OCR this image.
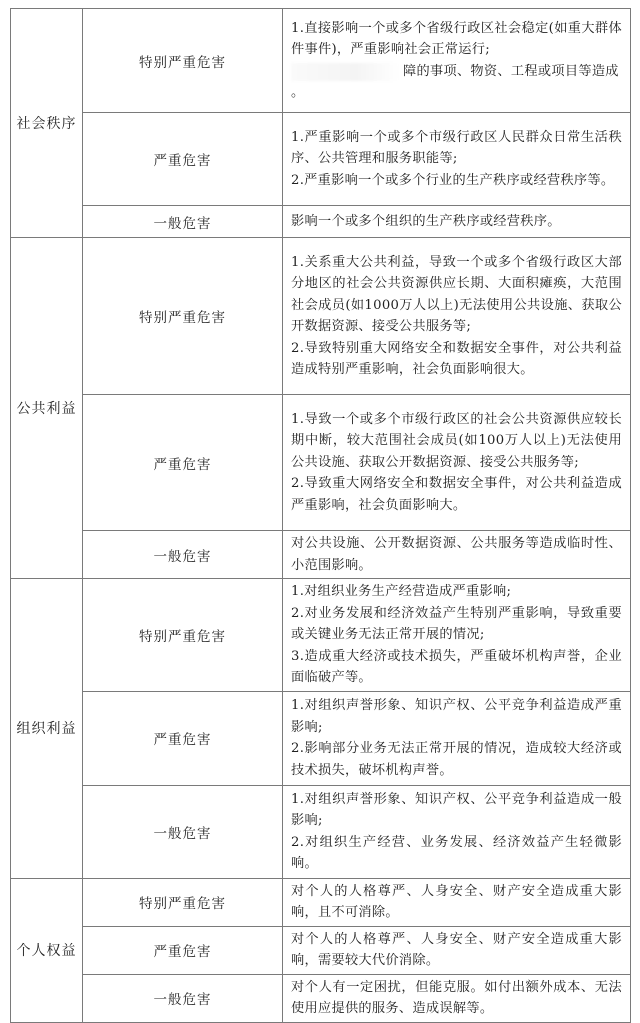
社会秩序	特别严重危害	1.直接影响一个或多个省级行政区社会稳定(如重大群体件事件)，严重影响社会正常运行;
障的事项、物资、工程或项目等造成
。

	严重危害	1.严重影响一个或多个市级行政区人民群众日常生活秩序、公共管理和服务职能等;
2.严重影响一个或多个行业的生产秩序或经营秩序等。

	一般危害	影响一个或多个组织的生产秩序或经营秩序。

公共利益	特别严重危害	1.关系重大公共利益，导致一个或多个省级行政区大部分地区的社会公共资源供应长期、大面积瘫痪，大范围社会成员(如1000万人以上)无法使用公共设施、获取公开数据资源、接受公共服务等;
2.导致特别重大网络安全和数据安全事件，对公共利益造成特别严重影响，社会负面影响很大。

	严重危害	1.导致一个或多个市级行政区的社会公共资源供应较长期中断，较大范围社会成员(如100万人以上)无法使用公共设施、获取公开数据资源、接受公共服务等;
2.导致重大网络安全和数据安全事件，对公共利益造成严重影响，社会负面影响大。

	一般危害	对公共设施、公开数据资源、公共服务等造成临时性、小范围影响。

组织利益	特别严重危害	1.对组织业务生产经营造成严重影响;
2.对业务发展和经济效益产生特别严重影响，导致重要或关键业务无法正常开展的情况;
3.造成重大经济或技术损失，严重破坏机构声誉，企业面临破产等。

	严重危害	1.对组织声誉形象、知识产权、公平竞争利益造成严重影响;
2.影响部分业务无法正常开展的情况，造成较大经济或技术损失，破坏机构声誉。

	一般危害	1.对组织声誉形象、知识产权、公平竞争利益造成一般影响;
2.对组织生产经营、业务发展、经济效益产生轻微影响。

个人权益	特别严重危害	对个人的人格尊严、人身安全、财产安全造成重大影响，且不可消除。

	严重危害	对个人的人格尊严、人身安全、财产安全造成重大影响，需要较大代价消除。

	一般危害	对个人有一定困扰，但能克服。如付出额外成本、无法使用应提供的服务、造成误解等。
